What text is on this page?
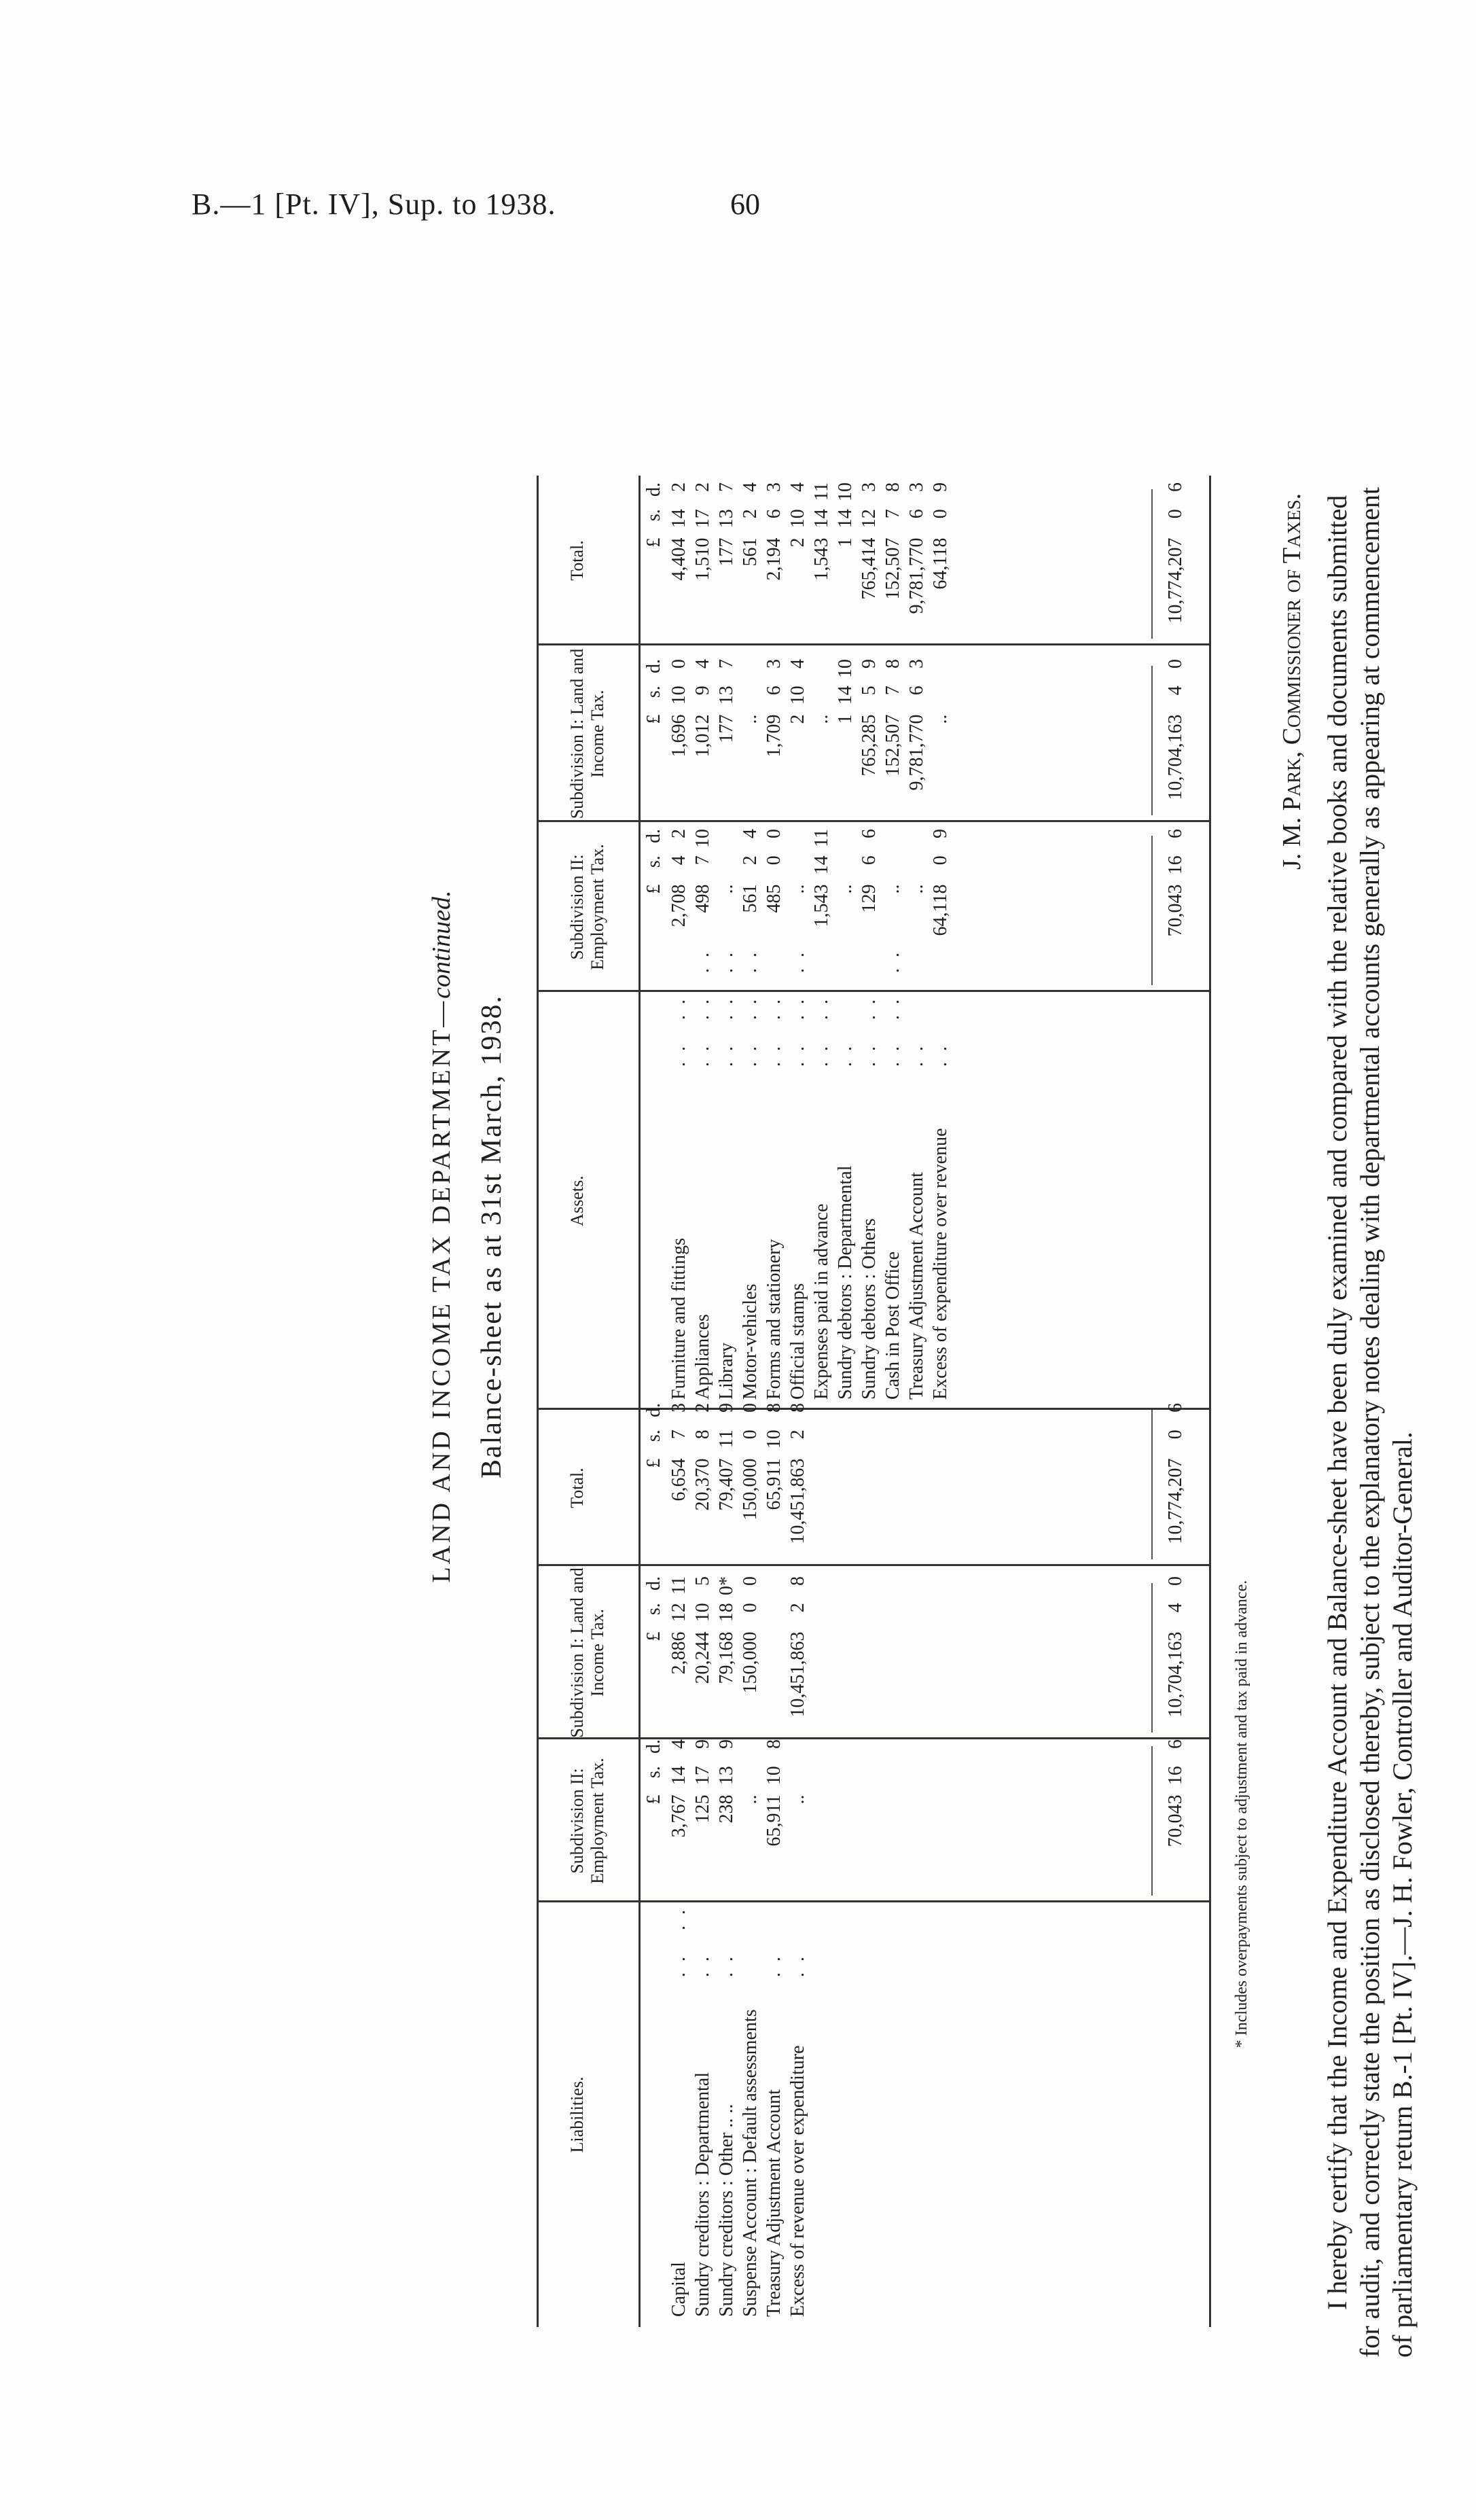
B.—1 [Pt. IV], Sup. to 1938.	60
LAND AND INCOME TAX DEPARTMENT—continued.
Balance-sheet as at 31st March, 1938.
Liabilities.
Subdivision II: Employment Tax.
Subdivision I: Land and Income Tax.
Total.
£
s.
d.
£
s.
d.
£
s.
d.
Assets.
Subdivision II: Employment Tax.
Subdivision I: Land and Income Tax.
Total.
£
s.
d.
£
s.
d.
£
s.
d.
Capital
.. ..
3,767
14
4
2,886
12
11
6,654
7
3
Sundry creditors : Departmental
..
125
17
9
20,244
10
5
20,370
8
2
Sundry creditors : Other .. ..
..
238
13
9
79,168
18
0*
79,407
11
9
Suspense Account : Default assessments
..
150,000
0
0
150,000
0
0
Treasury Adjustment Account
..
65,911
10
8
65,911
10
8
Excess of revenue over expenditure
..
..
10,451,863
2
8
10,451,863
2
8
Furniture and fittings
.. ..
2,708
4
2
1,696
10
0
4,404
14
2
Appliances
.. .. ..
498
7
10
1,012
9
4
1,510
17
2
Library
.. .. ..
..
177
13
7
177
13
7
Motor-vehicles
.. .. ..
561
2
4
..
561
2
4
Forms and stationery
.. ..
485
0
0
1,709
6
3
2,194
6
3
Official stamps
.. .. ..
..
2
10
4
2
10
4
Expenses paid in advance
.. ..
1,543
14
11
..
1,543
14
11
Sundry debtors : Departmental
..
..
1
14
10
1
14
10
Sundry debtors : Others
.. ..
129
6
6
765,285
5
9
765,414
12
3
Cash in Post Office
.. .. ..
..
152,507
7
8
152,507
7
8
Treasury Adjustment Account
..
..
9,781,770
6
3
9,781,770
6
3
Excess of expenditure over revenue
..
64,118
0
9
..
64,118
0
9
70,043
16
6
10,704,163
4
0
10,774,207
0
6
70,043
16
6
10,704,163
4
0
10,774,207
0
6
* Includes overpayments subject to adjustment and tax paid in advance.
J. M. Park, Commissioner of Taxes. I hereby certify that the Income and Expenditure Account and Balance-sheet have been duly examined and compared with the relative books and documents submitted for audit, and correctly state the position as disclosed thereby, subject to the explanatory notes dealing with departmental accounts generally as appearing at commencement of parliamentary return B.-1 [Pt. IV].—J. H. Fowler, Controller and Auditor-General.
